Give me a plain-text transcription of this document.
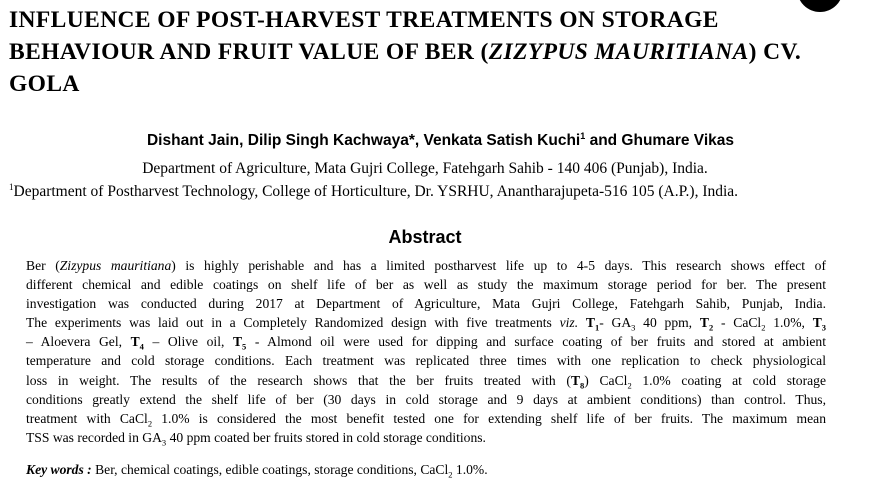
INFLUENCE OF POST-HARVEST TREATMENTS ON STORAGE
BEHAVIOUR AND FRUIT VALUE OF BER (ZIZYPUS MAURITIANA) CV.
GOLA
Dishant Jain, Dilip Singh Kachwaya*, Venkata Satish Kuchi$^1$ and Ghumare Vikas
Department of Agriculture, Mata Gujri College, Fatehgarh Sahib - 140 406 (Punjab), India.
$^1$Department of Postharvest Technology, College of Horticulture, Dr. YSRHU, Anantharajupeta-516 105 (A.P.), India.
Abstract
Ber (Zizypus mauritiana) is highly perishable and has a limited postharvest life up to 4-5 days. This research shows effect of
different chemical and edible coatings on shelf life of ber as well as study the maximum storage period for ber. The present
investigation was conducted during 2017 at Department of Agriculture, Mata Gujri College, Fatehgarh Sahib, Punjab, India.
The experiments was laid out in a Completely Randomized design with five treatments viz. $T_1-$ $GA_3$ 40 ppm, $T_2$ - CaCl$_2$ 1.0%, $T_3$
– Aloevera Gel, $T_4$ – Olive oil, $T_5$ - Almond oil were used for dipping and surface coating of ber fruits and stored at ambient
temperature and cold storage conditions. Each treatment was replicated three times with one replication to check physiological
loss in weight. The results of the research shows that the ber fruits treated with $(T_8)$ CaCl$_2$ 1.0% coating at cold storage
conditions greatly extend the shelf life of ber (30 days in cold storage and 9 days at ambient conditions) than control. Thus,
treatment with CaCl$_2$ 1.0% is considered the most benefit tested one for extending shelf life of ber fruits. The maximum mean
TSS was recorded in $GA_3$ 40 ppm coated ber fruits stored in cold storage conditions.
Key words : Ber, chemical coatings, edible coatings, storage conditions, CaCl$_2$ 1.0%.
